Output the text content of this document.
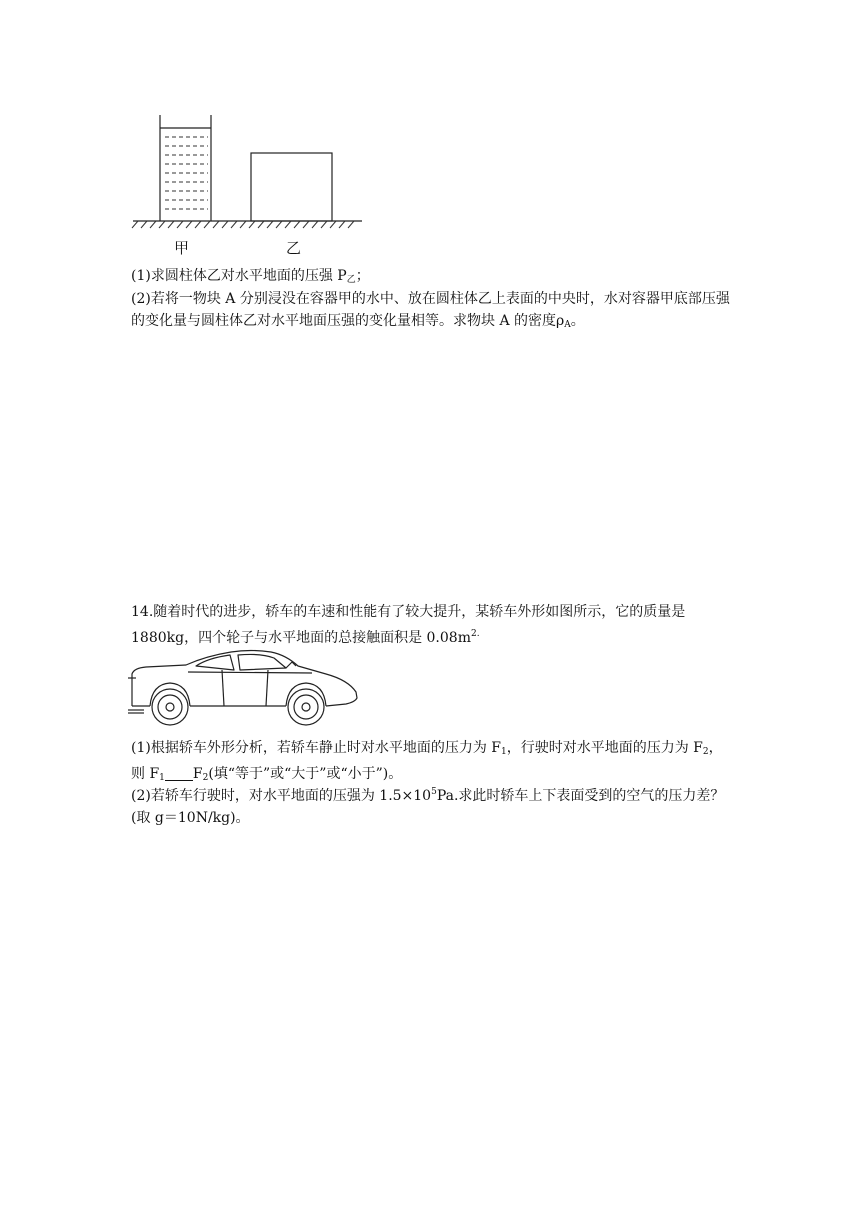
甲	乙

(1)求圆柱体乙对水平地面的压强 $P_乙$；

(2)若将一物块 A 分别浸没在容器甲的水中、放在圆柱体乙上表面的中央时，水对容器甲底部压强的变化量与圆柱体乙对水平地面压强的变化量相等。求物块 A 的密度$\rho_A$。

14.随着时代的进步，轿车的车速和性能有了较大提升，某轿车外形如图所示，它的质量是1880kg，四个轮子与水平地面的总接触面积是 $0.08m^{2.}$

(1)根据轿车外形分析，若轿车静止时对水平地面的压力为 $F_1$，行驶时对水平地面的压力为 $F_2$，则 $F_1$ $F_2$(填“等于”或“大于”或“小于”)。

(2)若轿车行驶时，对水平地面的压强为 $1.5\times 10^5Pa$.求此时轿车上下表面受到的空气的压力差？(取 g＝10N/kg)。
